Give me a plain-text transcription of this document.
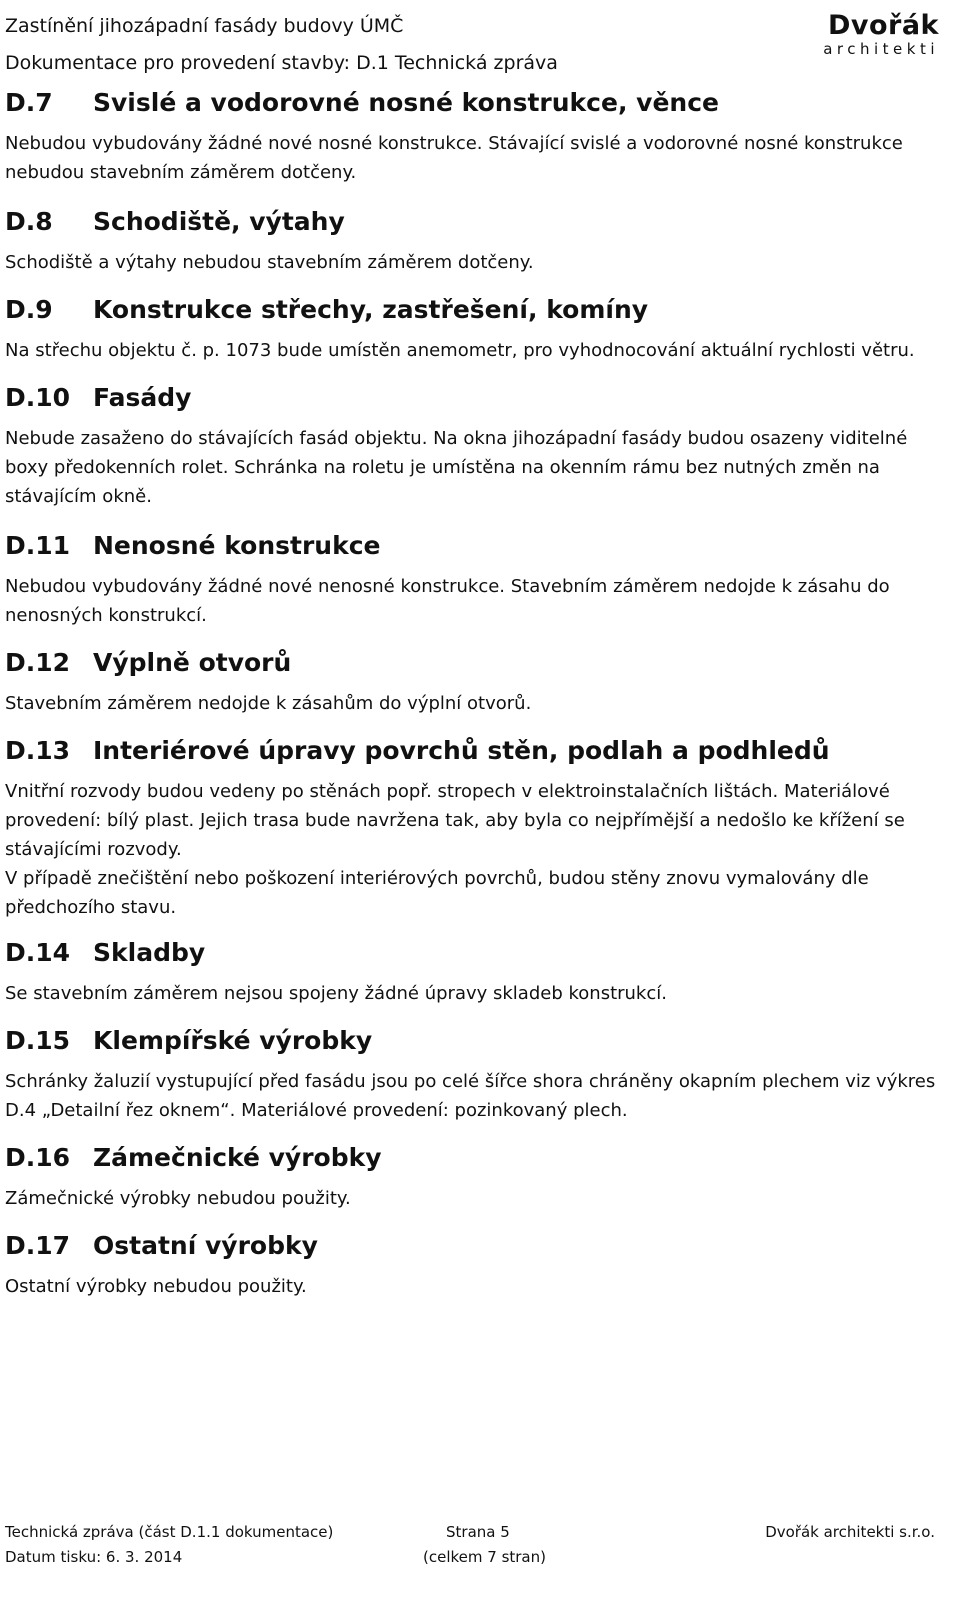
Zastínění jihozápadní fasády budovy ÚMČ
Dokumentace pro provedení stavby: D.1 Technická zpráva
Dvořák
architekti
D.7	Svislé a vodorovné nosné konstrukce, věnce
Nebudou vybudovány žádné nové nosné konstrukce. Stávající svislé a vodorovné nosné konstrukce nebudou stavebním záměrem dotčeny.
D.8	Schodiště, výtahy
Schodiště a výtahy nebudou stavebním záměrem dotčeny.
D.9	Konstrukce střechy, zastřešení, komíny
Na střechu objektu č. p. 1073 bude umístěn anemometr, pro vyhodnocování aktuální rychlosti větru.
D.10 Fasády
Nebude zasaženo do stávajících fasád objektu. Na okna jihozápadní fasády budou osazeny viditelné boxy předokenních rolet. Schránka na roletu je umístěna na okenním rámu bez nutných změn na stávajícím okně.
D.11 Nenosné konstrukce
Nebudou vybudovány žádné nové nenosné konstrukce. Stavebním záměrem nedojde k zásahu do nenosných konstrukcí.
D.12 Výplně otvorů
Stavebním záměrem nedojde k zásahům do výplní otvorů.
D.13 Interiérové úpravy povrchů stěn, podlah a podhledů
Vnitřní rozvody budou vedeny po stěnách popř. stropech v elektroinstalačních lištách. Materiálové provedení: bílý plast. Jejich trasa bude navržena tak, aby byla co nejpřímější a nedošlo ke křížení se stávajícími rozvody.
V případě znečištění nebo poškození interiérových povrchů, budou stěny znovu vymalovány dle předchozího stavu.
D.14 Skladby
Se stavebním záměrem nejsou spojeny žádné úpravy skladeb konstrukcí.
D.15 Klempířské výrobky
Schránky žaluzií vystupující před fasádu jsou po celé šířce shora chráněny okapním plechem viz výkres D.4 „Detailní řez oknem“. Materiálové provedení: pozinkovaný plech.
D.16 Zámečnické výrobky
Zámečnické výrobky nebudou použity.
D.17 Ostatní výrobky
Ostatní výrobky nebudou použity.
Technická zpráva (část D.1.1 dokumentace)
Datum tisku: 6. 3. 2014
Strana 5
(celkem 7 stran)
Dvořák architekti s.r.o.
